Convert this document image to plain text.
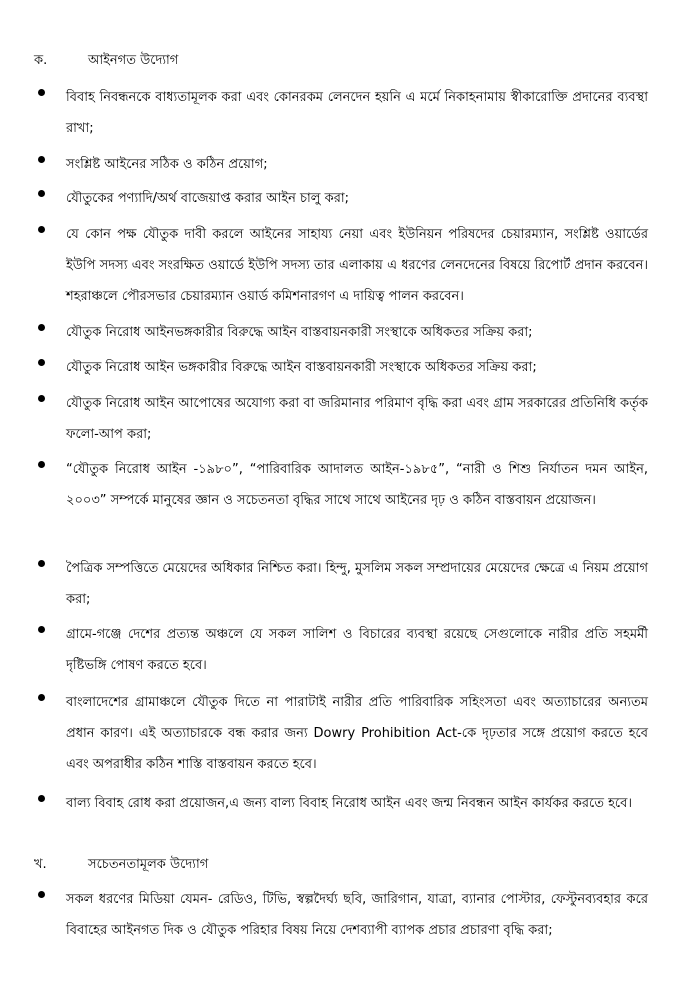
ক.	আইনগত উদ্যোগ
বিবাহ নিবন্ধনকে বাধ্যতামূলক করা এবং কোনরকম লেনদেন হয়নি এ মর্মে নিকাহনামায় স্বীকারোক্তি প্রদানের ব্যবস্থা রাখা;
সংশ্লিষ্ট আইনের সঠিক ও কঠিন প্রয়োগ;
যৌতুকের পণ্যাদি/অর্থ বাজেয়াপ্ত করার আইন চালু করা;
যে কোন পক্ষ যৌতুক দাবী করলে আইনের সাহায্য নেয়া এবং ইউনিয়ন পরিষদের চেয়ারম্যান, সংশ্লিষ্ট ওয়ার্ডের ইউপি সদস্য এবং সংরক্ষিত ওয়ার্ডে ইউপি সদস্য তার এলাকায় এ ধরণের লেনদেনের বিষয়ে রিপোর্ট প্রদান করবেন। শহরাঞ্চলে পৌরসভার চেয়ারম্যান ওয়ার্ড কমিশনারগণ এ দায়িত্ব পালন করবেন।
যৌতুক নিরোধ আইনভঙ্গকারীর বিরুদ্ধে আইন বাস্তবায়নকারী সংস্থাকে অধিকতর সক্রিয় করা;
যৌতুক নিরোধ আইন ভঙ্গকারীর বিরুদ্ধে আইন বাস্তবায়নকারী সংস্থাকে অধিকতর সক্রিয় করা;
যৌতুক নিরোধ আইন আপোষের অযোগ্য করা বা জরিমানার পরিমাণ বৃদ্ধি করা এবং গ্রাম সরকারের প্রতিনিধি কর্তৃক ফলো-আপ করা;
“যৌতুক নিরোধ আইন -১৯৮০”, “পারিবারিক আদালত আইন-১৯৮৫”, “নারী ও শিশু নির্যাতন দমন আইন, ২০০৩” সম্পর্কে মানুষের জ্ঞান ও সচেতনতা বৃদ্ধির সাথে সাথে আইনের দৃঢ় ও কঠিন বাস্তবায়ন প্রয়োজন।
পৈত্রিক সম্পত্তিতে মেয়েদের অধিকার নিশ্চিত করা। হিন্দু, মুসলিম সকল সম্প্রদায়ের মেয়েদের ক্ষেত্রে এ নিয়ম প্রয়োগ করা;
গ্রামে-গঞ্জে দেশের প্রত্যন্ত অঞ্চলে যে সকল সালিশ ও বিচারের ব্যবস্থা রয়েছে সেগুলোকে নারীর প্রতি সহমর্মী দৃষ্টিভঙ্গি পোষণ করতে হবে।
বাংলাদেশের গ্রামাঞ্চলে যৌতুক দিতে না পারাটাই নারীর প্রতি পারিবারিক সহিংসতা এবং অত্যাচারের অন্যতম প্রধান কারণ। এই অত্যাচারকে বন্ধ করার জন্য Dowry Prohibition Act-কে দৃঢ়তার সঙ্গে প্রয়োগ করতে হবে এবং অপরাধীর কঠিন শাস্তি বাস্তবায়ন করতে হবে।
বাল্য বিবাহ রোধ করা প্রয়োজন,এ জন্য বাল্য বিবাহ নিরোধ আইন এবং জন্ম নিবন্ধন আইন কার্যকর করতে হবে।
খ.	সচেতনতামূলক উদ্যোগ
সকল ধরণের মিডিয়া যেমন- রেডিও, টিভি, স্বল্পদৈর্ঘ্য ছবি, জারিগান, যাত্রা, ব্যানার পোস্টার, ফেস্টুনব্যবহার করে বিবাহের আইনগত দিক ও যৌতুক পরিহার বিষয় নিয়ে দেশব্যাপী ব্যাপক প্রচার প্রচারণা বৃদ্ধি করা;
